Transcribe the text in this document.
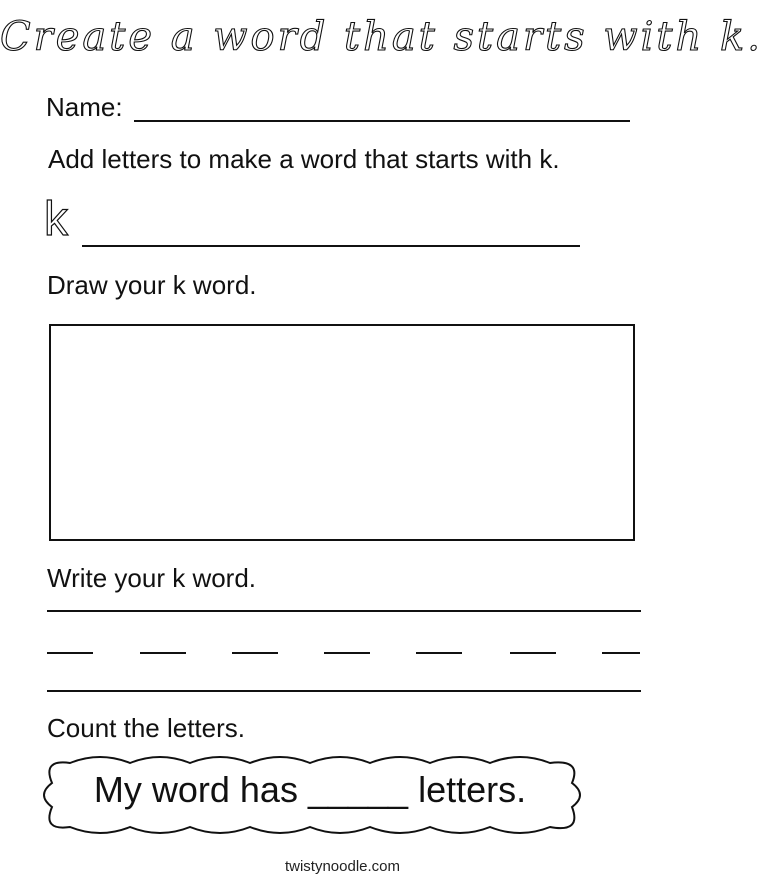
Create a word that starts with k.
Name:
Add letters to make a word that starts with k.
k
Draw your k word.
Write your k word.
Count the letters.
My word has _____ letters.
twistynoodle.com
